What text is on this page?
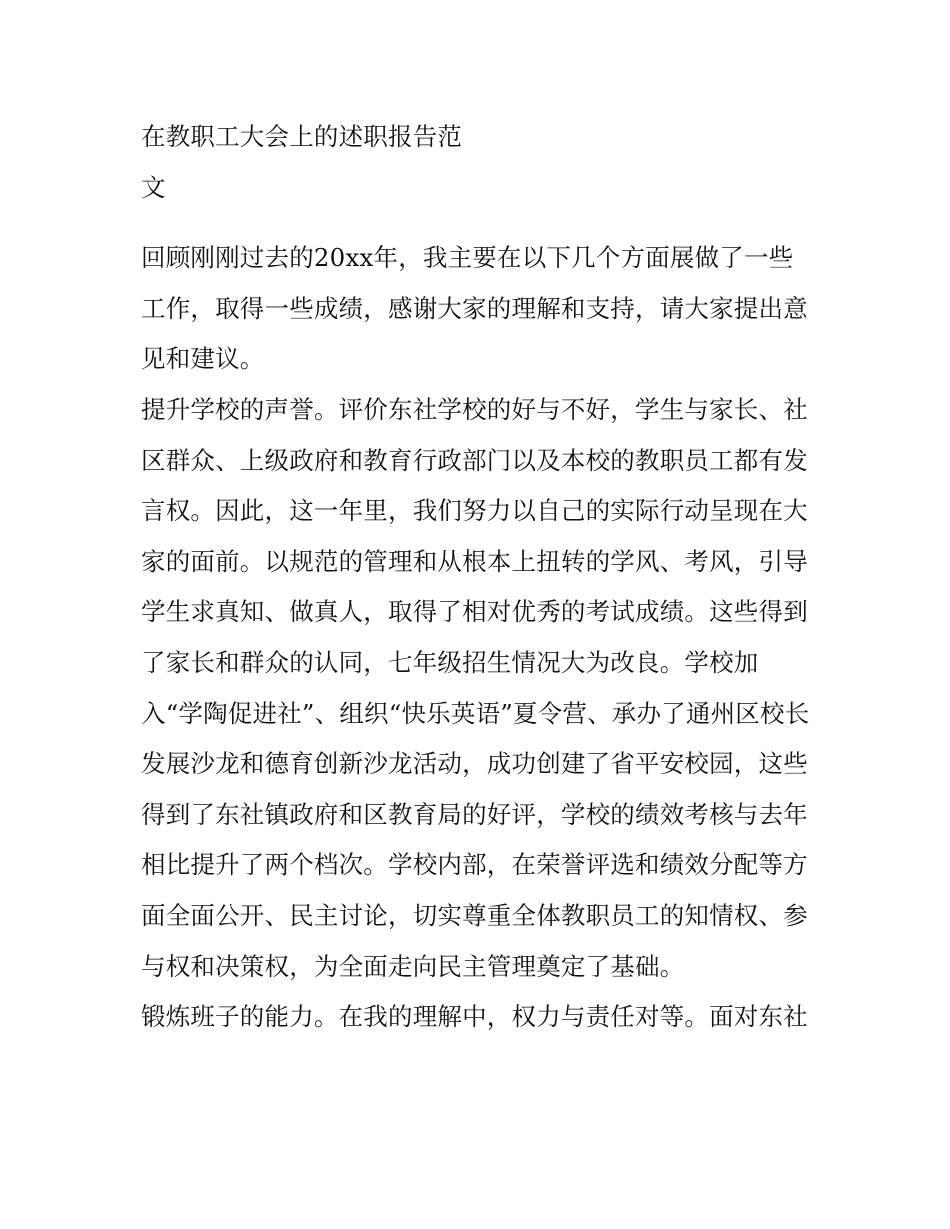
在教职工大会上的述职报告范
文
回顾刚刚过去的20xx年，我主要在以下几个方面展做了一些
工作，取得一些成绩，感谢大家的理解和支持，请大家提出意
见和建议。
提升学校的声誉。评价东社学校的好与不好，学生与家长、社
区群众、上级政府和教育行政部门以及本校的教职员工都有发
言权。因此，这一年里，我们努力以自己的实际行动呈现在大
家的面前。以规范的管理和从根本上扭转的学风、考风，引导
学生求真知、做真人，取得了相对优秀的考试成绩。这些得到
了家长和群众的认同，七年级招生情况大为改良。学校加
入“学陶促进社”、组织“快乐英语”夏令营、承办了通州区校长
发展沙龙和德育创新沙龙活动，成功创建了省平安校园，这些
得到了东社镇政府和区教育局的好评，学校的绩效考核与去年
相比提升了两个档次。学校内部，在荣誉评选和绩效分配等方
面全面公开、民主讨论，切实尊重全体教职员工的知情权、参
与权和决策权，为全面走向民主管理奠定了基础。
锻炼班子的能力。在我的理解中，权力与责任对等。面对东社
